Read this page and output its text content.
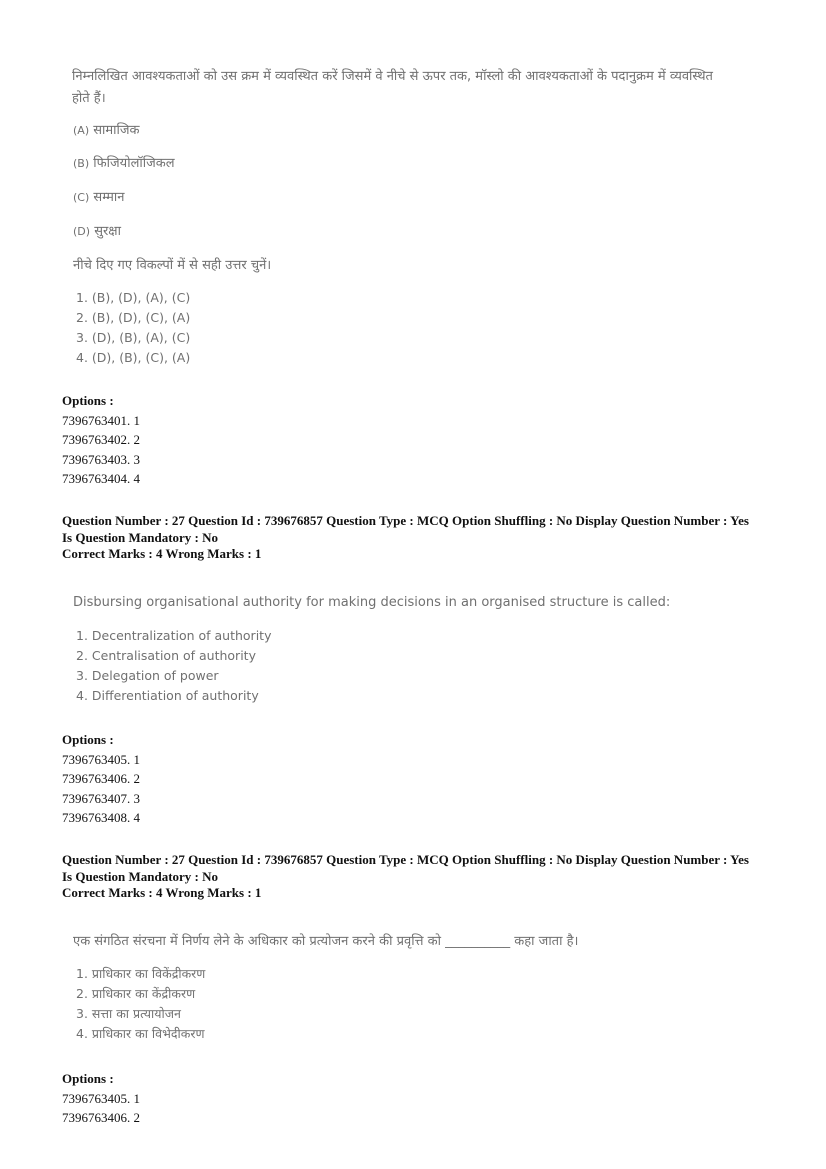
निम्नलिखित आवश्यकताओं को उस क्रम में व्यवस्थित करें जिसमें वे नीचे से ऊपर तक, मॉस्लो की आवश्यकताओं के पदानुक्रम में व्यवस्थित
होते हैं।
(A) सामाजिक
(B) फिजियोलॉजिकल
(C) सम्मान
(D) सुरक्षा
नीचे दिए गए विकल्पों में से सही उत्तर चुनें।
1. (B), (D), (A), (C)
2. (B), (D), (C), (A)
3. (D), (B), (A), (C)
4. (D), (B), (C), (A)
Options :
7396763401. 1
7396763402. 2
7396763403. 3
7396763404. 4
Question Number : 27 Question Id : 739676857 Question Type : MCQ Option Shuffling : No Display Question Number : Yes
Is Question Mandatory : No
Correct Marks : 4 Wrong Marks : 1
Disbursing organisational authority for making decisions in an organised structure is called:
1. Decentralization of authority
2. Centralisation of authority
3. Delegation of power
4. Differentiation of authority
Options :
7396763405. 1
7396763406. 2
7396763407. 3
7396763408. 4
Question Number : 27 Question Id : 739676857 Question Type : MCQ Option Shuffling : No Display Question Number : Yes
Is Question Mandatory : No
Correct Marks : 4 Wrong Marks : 1
एक संगठित संरचना में निर्णय लेने के अधिकार को प्रत्योजन करने की प्रवृत्ति को __________ कहा जाता है।
1. प्राधिकार का विकेंद्रीकरण
2. प्राधिकार का केंद्रीकरण
3. सत्ता का प्रत्यायोजन
4. प्राधिकार का विभेदीकरण
Options :
7396763405. 1
7396763406. 2
